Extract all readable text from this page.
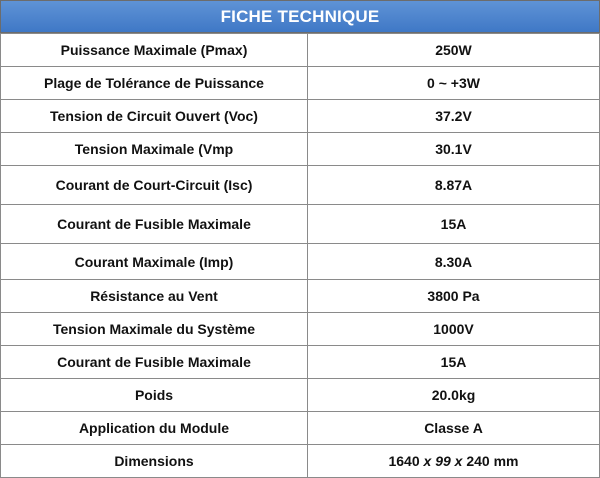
FICHE TECHNIQUE
Puissance Maximale (Pmax)	250W
Plage de Tolérance de Puissance	0 ~ +3W
Tension de Circuit Ouvert (Voc)	37.2V
Tension Maximale (Vmp	30.1V
Courant de Court-Circuit (Isc)	8.87A
Courant de Fusible Maximale	15A
Courant Maximale (Imp)	8.30A
Résistance au Vent	3800 Pa
Tension Maximale du Système	1000V
Courant de Fusible Maximale	15A
Poids	20.0kg
Application du Module	Classe A
Dimensions	1640 x 99 x 240 mm
